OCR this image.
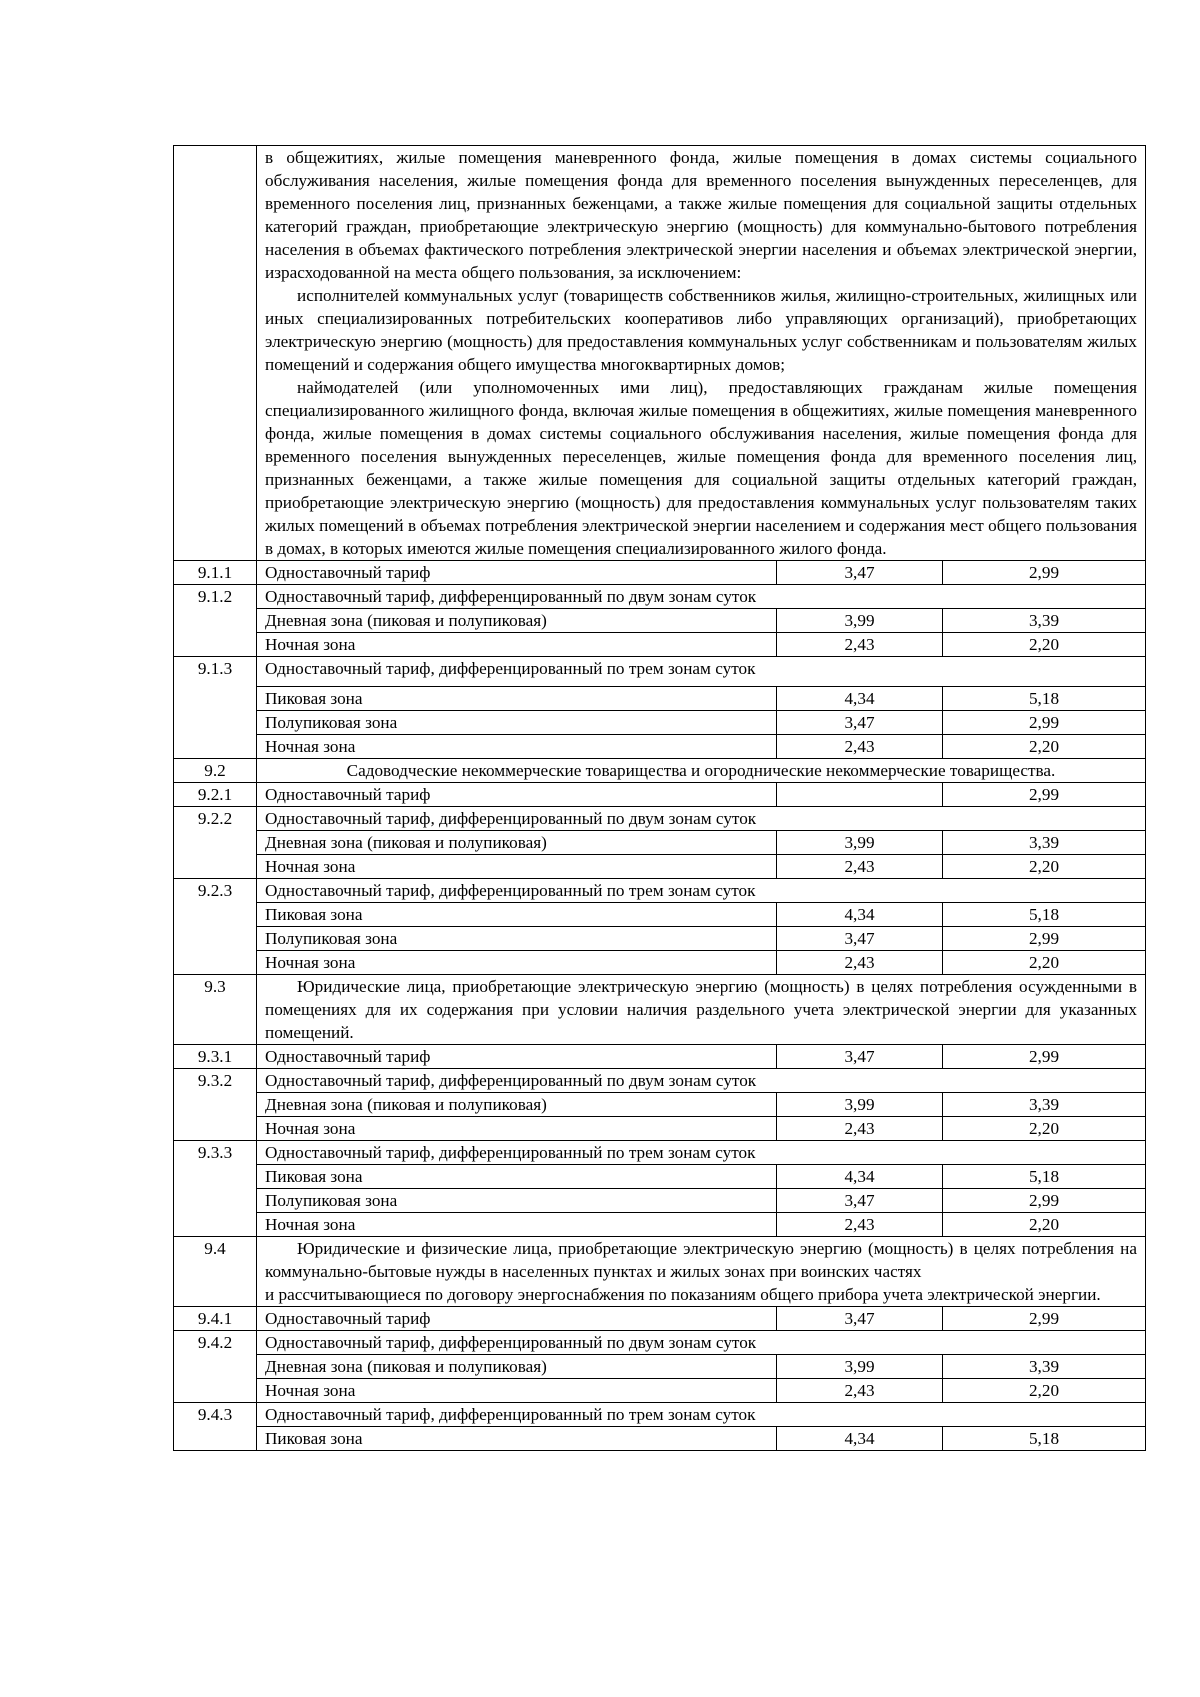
	в общежитиях, жилые помещения маневренного фонда, жилые помещения в домах системы социального обслуживания населения, жилые помещения фонда для временного поселения вынужденных переселенцев, для временного поселения лиц, признанных беженцами, а также жилые помещения для социальной защиты отдельных категорий граждан, приобретающие электрическую энергию (мощность) для коммунально-бытового потребления населения в объемах фактического потребления электрической энергии населения и объемах электрической энергии, израсходованной на места общего пользования, за исключением:

исполнителей коммунальных услуг (товариществ собственников жилья, жилищно-строительных, жилищных или иных специализированных потребительских кооперативов либо управляющих организаций), приобретающих электрическую энергию (мощность) для предоставления коммунальных услуг собственникам и пользователям жилых помещений и содержания общего имущества многоквартирных домов;

наймодателей (или уполномоченных ими лиц), предоставляющих гражданам жилые помещения специализированного жилищного фонда, включая жилые помещения в общежитиях, жилые помещения маневренного фонда, жилые помещения в домах системы социального обслуживания населения, жилые помещения фонда для временного поселения вынужденных переселенцев, жилые помещения фонда для временного поселения лиц, признанных беженцами, а также жилые помещения для социальной защиты отдельных категорий граждан, приобретающие электрическую энергию (мощность) для предоставления коммунальных услуг пользователям таких жилых помещений в объемах потребления электрической энергии населением и содержания мест общего пользования в домах, в которых имеются жилые помещения специализированного жилого фонда.		

9.1.1	Одноставочный тариф	3,47	2,99
9.1.2	Одноставочный тариф, дифференцированный по двум зонам суток		
	Дневная зона (пиковая и полупиковая)	3,99	3,39
	Ночная зона	2,43	2,20
9.1.3	Одноставочный тариф, дифференцированный по трем зонам суток		
	Пиковая зона	4,34	5,18
	Полупиковая зона	3,47	2,99
	Ночная зона	2,43	2,20
9.2	Садоводческие некоммерческие товарищества и огороднические некоммерческие товарищества.		
9.2.1	Одноставочный тариф		2,99
9.2.2	Одноставочный тариф, дифференцированный по двум зонам суток		
	Дневная зона (пиковая и полупиковая)	3,99	3,39
	Ночная зона	2,43	2,20
9.2.3	Одноставочный тариф, дифференцированный по трем зонам суток		
	Пиковая зона	4,34	5,18
	Полупиковая зона	3,47	2,99
	Ночная зона	2,43	2,20
9.3	Юридические лица, приобретающие электрическую энергию (мощность) в целях потребления осужденными в помещениях для их содержания при условии наличия раздельного учета электрической энергии для указанных помещений.		

9.3.1	Одноставочный тариф	3,47	2,99
9.3.2	Одноставочный тариф, дифференцированный по двум зонам суток		
	Дневная зона (пиковая и полупиковая)	3,99	3,39
	Ночная зона	2,43	2,20
9.3.3	Одноставочный тариф, дифференцированный по трем зонам суток		
	Пиковая зона	4,34	5,18
	Полупиковая зона	3,47	2,99
	Ночная зона	2,43	2,20
9.4	Юридические и физические лица, приобретающие электрическую энергию (мощность) в целях потребления на коммунально-бытовые нужды в населенных пунктах и жилых зонах при воинских частях

и рассчитывающиеся по договору энергоснабжения по показаниям общего прибора учета электрической энергии.		

9.4.1	Одноставочный тариф	3,47	2,99
9.4.2	Одноставочный тариф, дифференцированный по двум зонам суток		
	Дневная зона (пиковая и полупиковая)	3,99	3,39
	Ночная зона	2,43	2,20
9.4.3	Одноставочный тариф, дифференцированный по трем зонам суток		
	Пиковая зона	4,34	5,18
